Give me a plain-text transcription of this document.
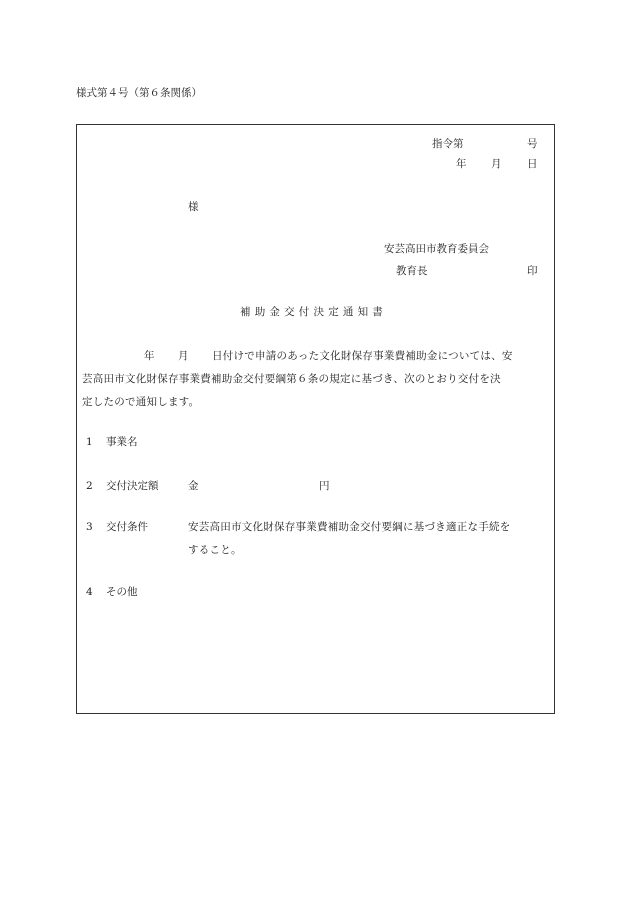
様式第４号（第６条関係）
指令第	号
年 月 日
様
安芸高田市教育委員会
教育長	印
補助金交付決定通知書
年 月 日付けで申請のあった文化財保存事業費補助金については、安
芸高田市文化財保存事業費補助金交付要綱第６条の規定に基づき、次のとおり交付を決
定したので通知します。
1 事業名
2 交付決定額	金	円
3 交付条件	安芸高田市文化財保存事業費補助金交付要綱に基づき適正な手続を
すること。
4 その他
